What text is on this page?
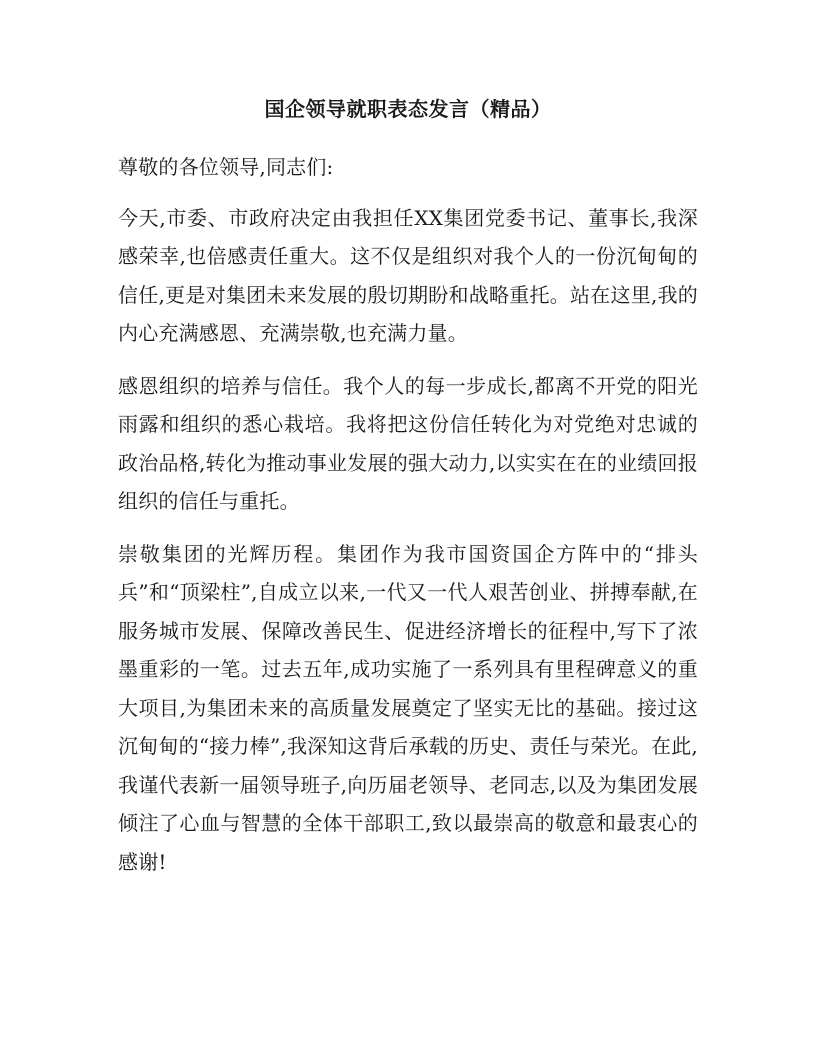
国企领导就职表态发言（精品）

尊敬的各位领导,同志们:

今天,市委、市政府决定由我担任XX集团党委书记、董事长,我深感荣幸,也倍感责任重大。这不仅是组织对我个人的一份沉甸甸的信任,更是对集团未来发展的殷切期盼和战略重托。站在这里,我的内心充满感恩、充满崇敬,也充满力量。

感恩组织的培养与信任。我个人的每一步成长,都离不开党的阳光雨露和组织的悉心栽培。我将把这份信任转化为对党绝对忠诚的政治品格,转化为推动事业发展的强大动力,以实实在在的业绩回报组织的信任与重托。

崇敬集团的光辉历程。集团作为我市国资国企方阵中的“排头兵”和“顶梁柱”,自成立以来,一代又一代人艰苦创业、拼搏奉献,在服务城市发展、保障改善民生、促进经济增长的征程中,写下了浓墨重彩的一笔。过去五年,成功实施了一系列具有里程碑意义的重大项目,为集团未来的高质量发展奠定了坚实无比的基础。接过这沉甸甸的“接力棒”,我深知这背后承载的历史、责任与荣光。在此,我谨代表新一届领导班子,向历届老领导、老同志,以及为集团发展倾注了心血与智慧的全体干部职工,致以最崇高的敬意和最衷心的感谢!
